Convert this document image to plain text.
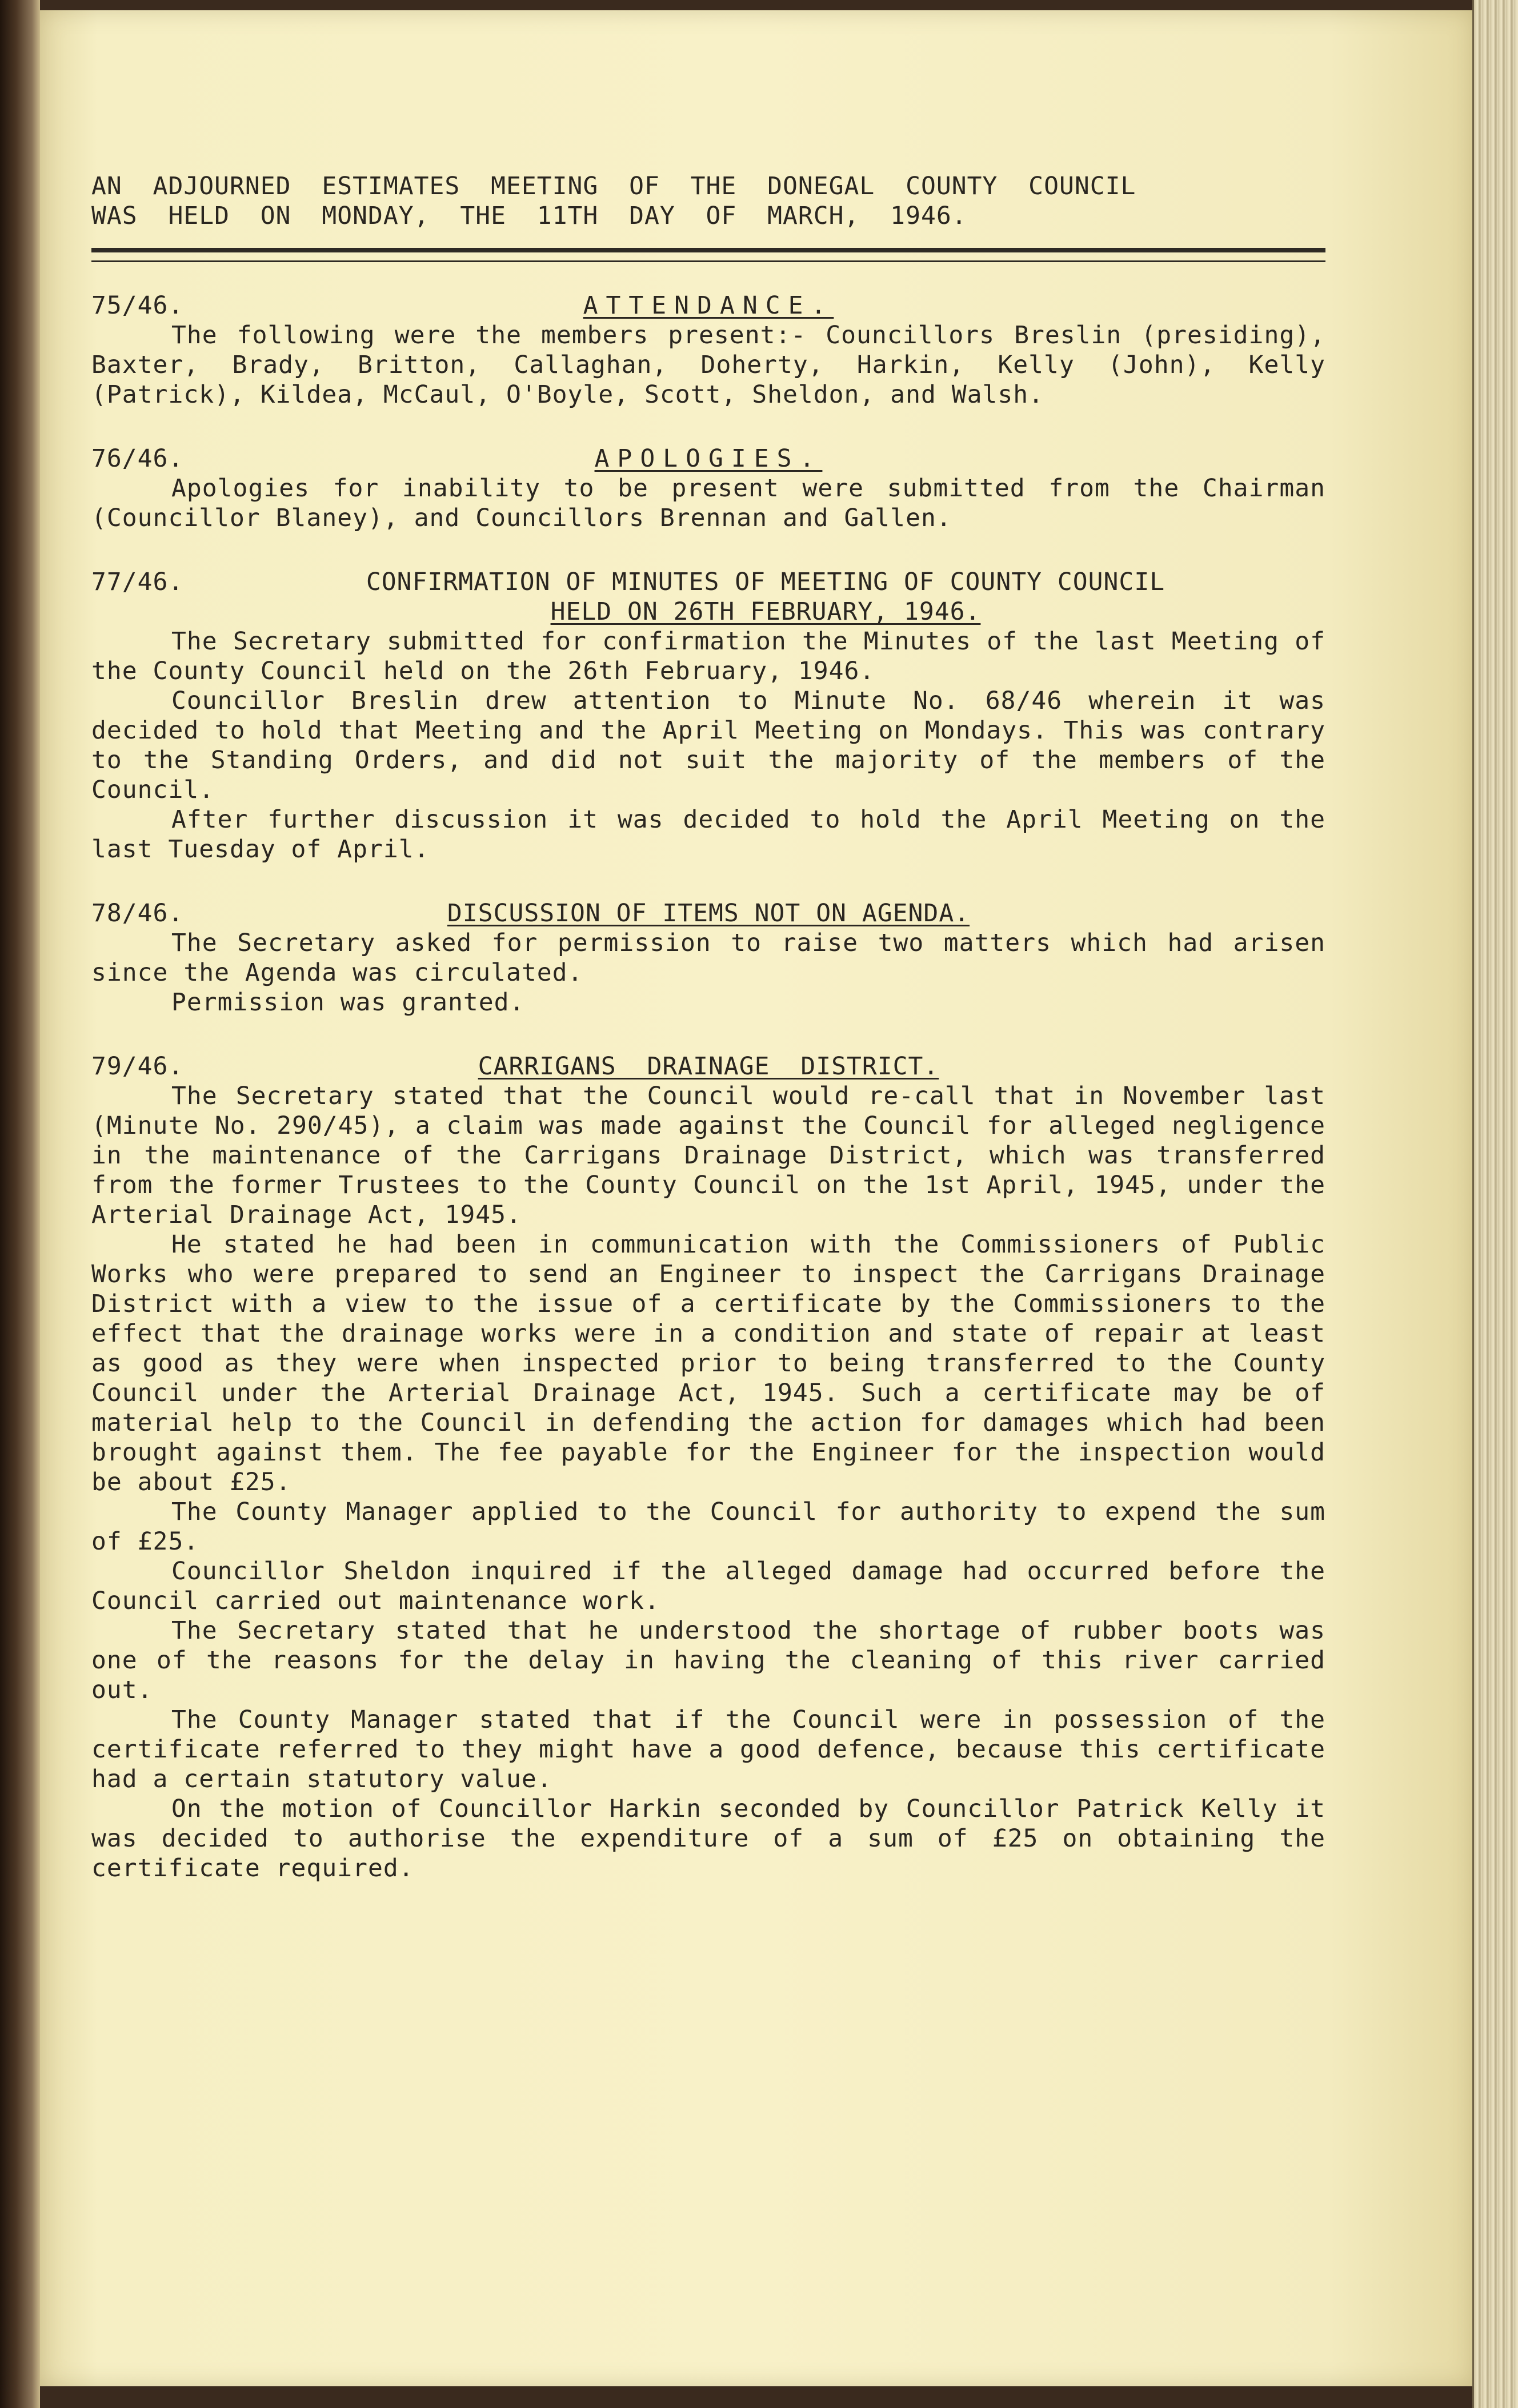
AN  ADJOURNED  ESTIMATES  MEETING  OF  THE  DONEGAL  COUNTY  COUNCIL
WAS  HELD  ON  MONDAY,  THE  11TH  DAY  OF  MARCH,  1946.
75/46.	ATTENDANCE.

The following were the members present:- Councillors Breslin (presiding), Baxter, Brady, Britton, Callaghan, Doherty, Harkin, Kelly (John), Kelly (Patrick), Kildea, McCaul, O'Boyle, Scott, Sheldon, and Walsh.

76/46.	APOLOGIES.

Apologies for inability to be present were submitted from the Chairman (Councillor Blaney), and Councillors Brennan and Gallen.

77/46.	CONFIRMATION OF MINUTES OF MEETING OF COUNTY COUNCIL
HELD ON 26TH FEBRUARY, 1946.

The Secretary submitted for confirmation the Minutes of the last Meeting of the County Council held on the 26th February, 1946.

Councillor Breslin drew attention to Minute No. 68/46 wherein it was decided to hold that Meeting and the April Meeting on Mondays. This was contrary to the Standing Orders, and did not suit the majority of the members of the Council.

After further discussion it was decided to hold the April Meeting on the last Tuesday of April.

78/46.	DISCUSSION OF ITEMS NOT ON AGENDA.

The Secretary asked for permission to raise two matters which had arisen since the Agenda was circulated.

Permission was granted.

79/46.	CARRIGANS  DRAINAGE  DISTRICT.

The Secretary stated that the Council would re-call that in November last (Minute No. 290/45), a claim was made against the Council for alleged negligence in the maintenance of the Carrigans Drainage District, which was transferred from the former Trustees to the County Council on the 1st April, 1945, under the Arterial Drainage Act, 1945.

He stated he had been in communication with the Commissioners of Public Works who were prepared to send an Engineer to inspect the Carrigans Drainage District with a view to the issue of a certificate by the Commissioners to the effect that the drainage works were in a condition and state of repair at least as good as they were when inspected prior to being transferred to the County Council under the Arterial Drainage Act, 1945. Such a certificate may be of material help to the Council in defending the action for damages which had been brought against them. The fee payable for the Engineer for the inspection would be about £25.

The County Manager applied to the Council for authority to expend the sum of £25.

Councillor Sheldon inquired if the alleged damage had occurred before the Council carried out maintenance work.

The Secretary stated that he understood the shortage of rubber boots was one of the reasons for the delay in having the cleaning of this river carried out.

The County Manager stated that if the Council were in possession of the certificate referred to they might have a good defence, because this certificate had a certain statutory value.

On the motion of Councillor Harkin seconded by Councillor Patrick Kelly it was decided to authorise the expenditure of a sum of £25 on obtaining the certificate required.
